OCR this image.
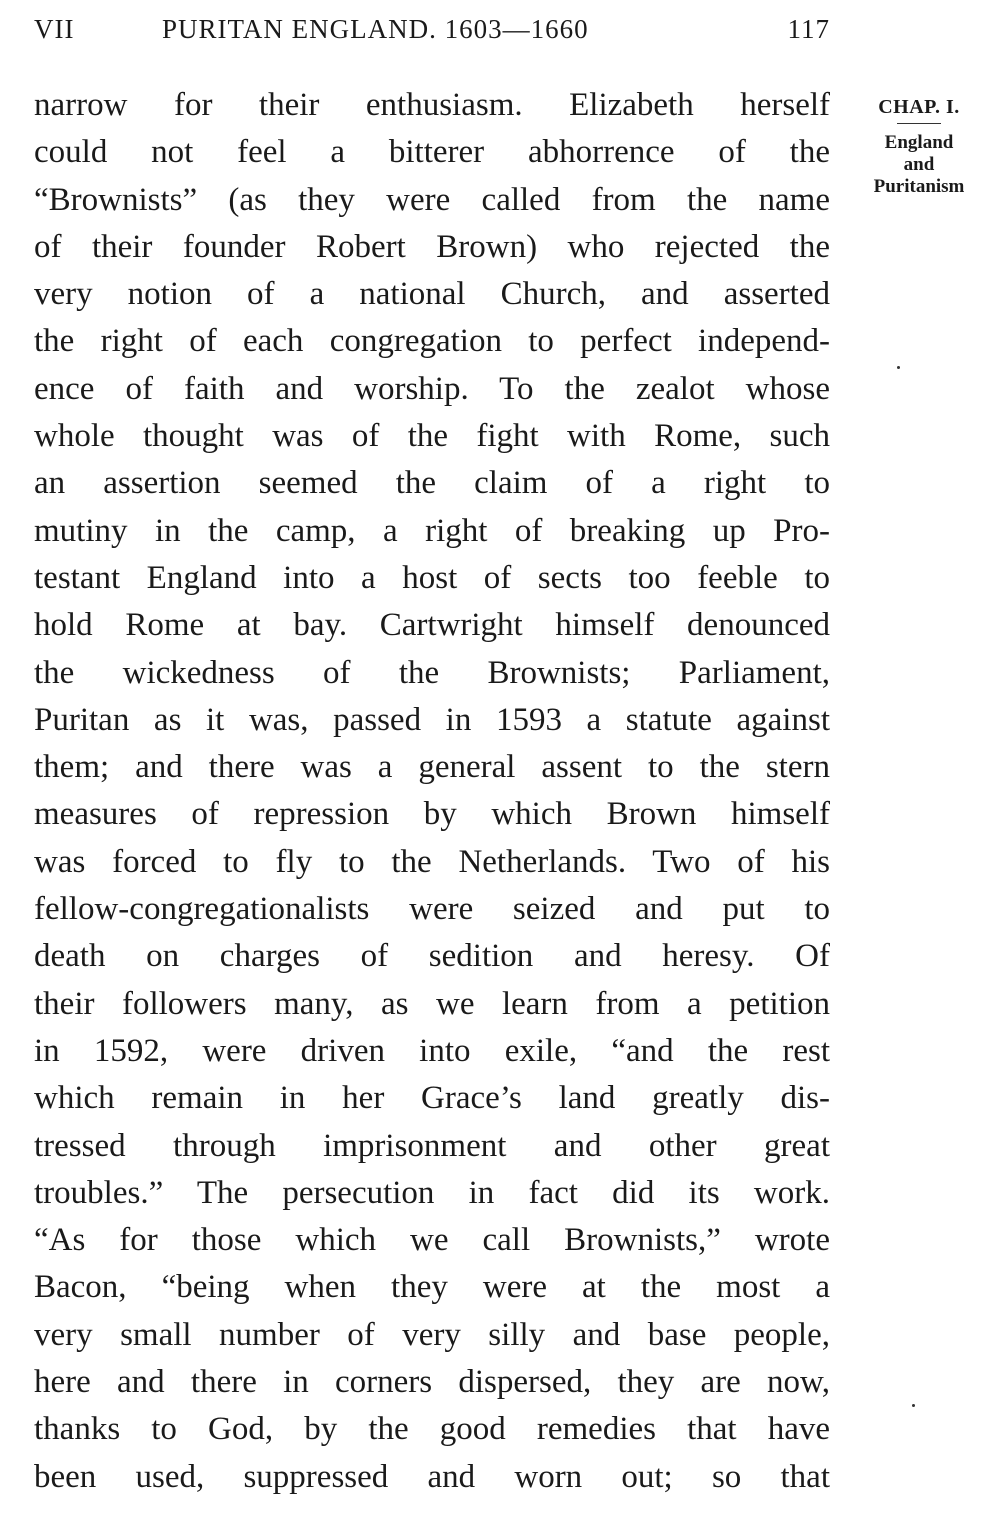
VII	PURITAN ENGLAND. 1603—1660	117
narrow for their enthusiasm. Elizabeth herself
could not feel a bitterer abhorrence of the
“Brownists” (as they were called from the name
of their founder Robert Brown) who rejected the
very notion of a national Church, and asserted
the right of each congregation to perfect independ-
ence of faith and worship. To the zealot whose
whole thought was of the fight with Rome, such
an assertion seemed the claim of a right to
mutiny in the camp, a right of breaking up Pro-
testant England into a host of sects too feeble to
hold Rome at bay. Cartwright himself denounced
the wickedness of the Brownists; Parliament,
Puritan as it was, passed in 1593 a statute against
them; and there was a general assent to the stern
measures of repression by which Brown himself
was forced to fly to the Netherlands. Two of his
fellow-congregationalists were seized and put to
death on charges of sedition and heresy. Of
their followers many, as we learn from a petition
in 1592, were driven into exile, “and the rest
which remain in her Grace’s land greatly dis-
tressed through imprisonment and other great
troubles.” The persecution in fact did its work.
“As for those which we call Brownists,” wrote
Bacon, “being when they were at the most a
very small number of very silly and base people,
here and there in corners dispersed, they are now,
thanks to God, by the good remedies that have
been used, suppressed and worn out; so that
CHAP. I.
England
and
Puritanism
